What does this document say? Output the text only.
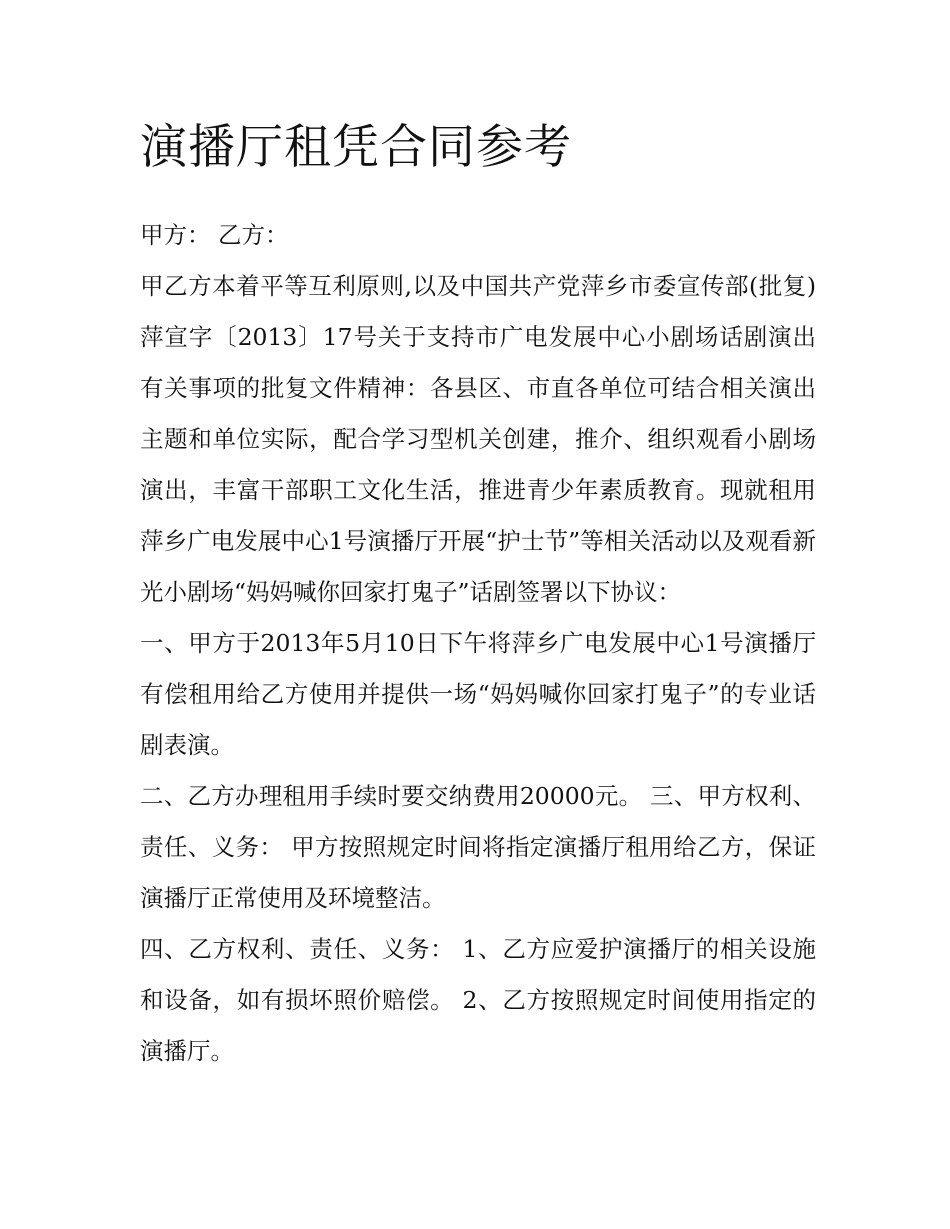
演播厅租凭合同参考

甲方： 乙方：

甲乙方本着平等互利原则,以及中国共产党萍乡市委宣传部(批复)萍宣字〔2013〕17号关于支持市广电发展中心小剧场话剧演出有关事项的批复文件精神：各县区、市直各单位可结合相关演出主题和单位实际，配合学习型机关创建，推介、组织观看小剧场演出，丰富干部职工文化生活，推进青少年素质教育。现就租用萍乡广电发展中心1号演播厅开展“护士节”等相关活动以及观看新光小剧场“妈妈喊你回家打鬼子”话剧签署以下协议：

一、甲方于2013年5月10日下午将萍乡广电发展中心1号演播厅有偿租用给乙方使用并提供一场“妈妈喊你回家打鬼子”的专业话剧表演。

二、乙方办理租用手续时要交纳费用20000元。 三、甲方权利、责任、义务： 甲方按照规定时间将指定演播厅租用给乙方，保证演播厅正常使用及环境整洁。

四、乙方权利、责任、义务： 1、乙方应爱护演播厅的相关设施和设备，如有损坏照价赔偿。 2、乙方按照规定时间使用指定的演播厅。
